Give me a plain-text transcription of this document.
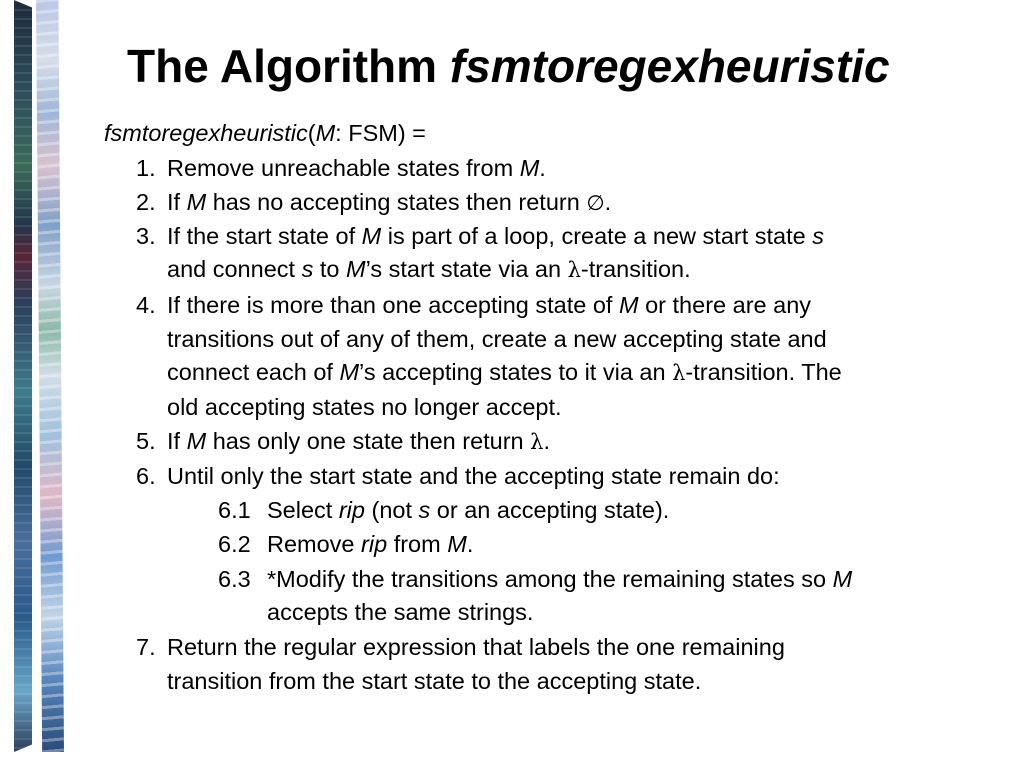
The Algorithm fsmtoregexheuristic
fsmtoregexheuristic(M: FSM) =
1. Remove unreachable states from M.
2. If M has no accepting states then return ∅.
3. If the start state of M is part of a loop, create a new start state s
and connect s to M’s start state via an λ-transition.
4. If there is more than one accepting state of M or there are any
transitions out of any of them, create a new accepting state and
connect each of M’s accepting states to it via an λ-transition. The
old accepting states no longer accept.
5. If M has only one state then return λ.
6. Until only the start state and the accepting state remain do:
6.1 Select rip (not s or an accepting state).
6.2 Remove rip from M.
6.3 *Modify the transitions among the remaining states so M
accepts the same strings.
7. Return the regular expression that labels the one remaining
transition from the start state to the accepting state.
